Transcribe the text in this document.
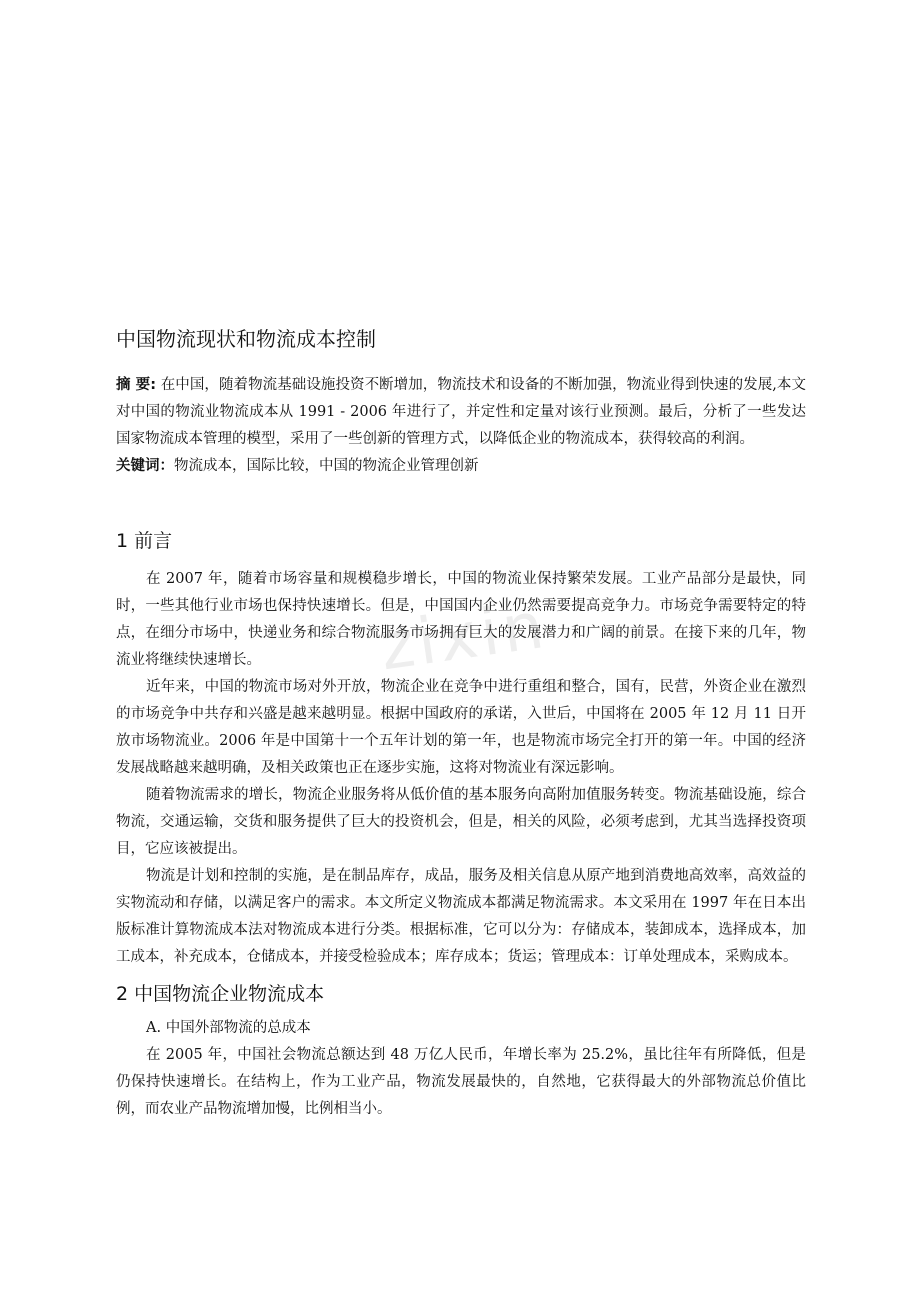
zixin
中国物流现状和物流成本控制

摘 要: 在中国，随着物流基础设施投资不断增加，物流技术和设备的不断加强，物流业得到快速的发展,本文对中国的物流业物流成本从 1991 - 2006 年进行了，并定性和定量对该行业预测。最后，分析了一些发达国家物流成本管理的模型，采用了一些创新的管理方式，以降低企业的物流成本，获得较高的利润。

关键词：物流成本，国际比较，中国的物流企业管理创新

1 前言

在 2007 年，随着市场容量和规模稳步增长，中国的物流业保持繁荣发展。工业产品部分是最快，同时，一些其他行业市场也保持快速增长。但是，中国国内企业仍然需要提高竞争力。市场竞争需要特定的特点，在细分市场中，快递业务和综合物流服务市场拥有巨大的发展潜力和广阔的前景。在接下来的几年，物流业将继续快速增长。

近年来，中国的物流市场对外开放，物流企业在竞争中进行重组和整合，国有，民营，外资企业在激烈的市场竞争中共存和兴盛是越来越明显。根据中国政府的承诺，入世后，中国将在 2005 年 12 月 11 日开放市场物流业。2006 年是中国第十一个五年计划的第一年，也是物流市场完全打开的第一年。中国的经济发展战略越来越明确，及相关政策也正在逐步实施，这将对物流业有深远影响。

随着物流需求的增长，物流企业服务将从低价值的基本服务向高附加值服务转变。物流基础设施，综合物流，交通运输，交货和服务提供了巨大的投资机会，但是，相关的风险，必须考虑到，尤其当选择投资项目，它应该被提出。

物流是计划和控制的实施，是在制品库存，成品，服务及相关信息从原产地到消费地高效率，高效益的实物流动和存储，以满足客户的需求。本文所定义物流成本都满足物流需求。本文采用在 1997 年在日本出版标准计算物流成本法对物流成本进行分类。根据标准，它可以分为：存储成本，装卸成本，选择成本，加工成本，补充成本，仓储成本，并接受检验成本；库存成本；货运；管理成本：订单处理成本，采购成本。

2 中国物流企业物流成本
A. 中国外部物流的总成本

在 2005 年，中国社会物流总额达到 48 万亿人民币，年增长率为 25.2%，虽比往年有所降低，但是仍保持快速增长。在结构上，作为工业产品，物流发展最快的，自然地，它获得最大的外部物流总价值比例，而农业产品物流增加慢，比例相当小。
